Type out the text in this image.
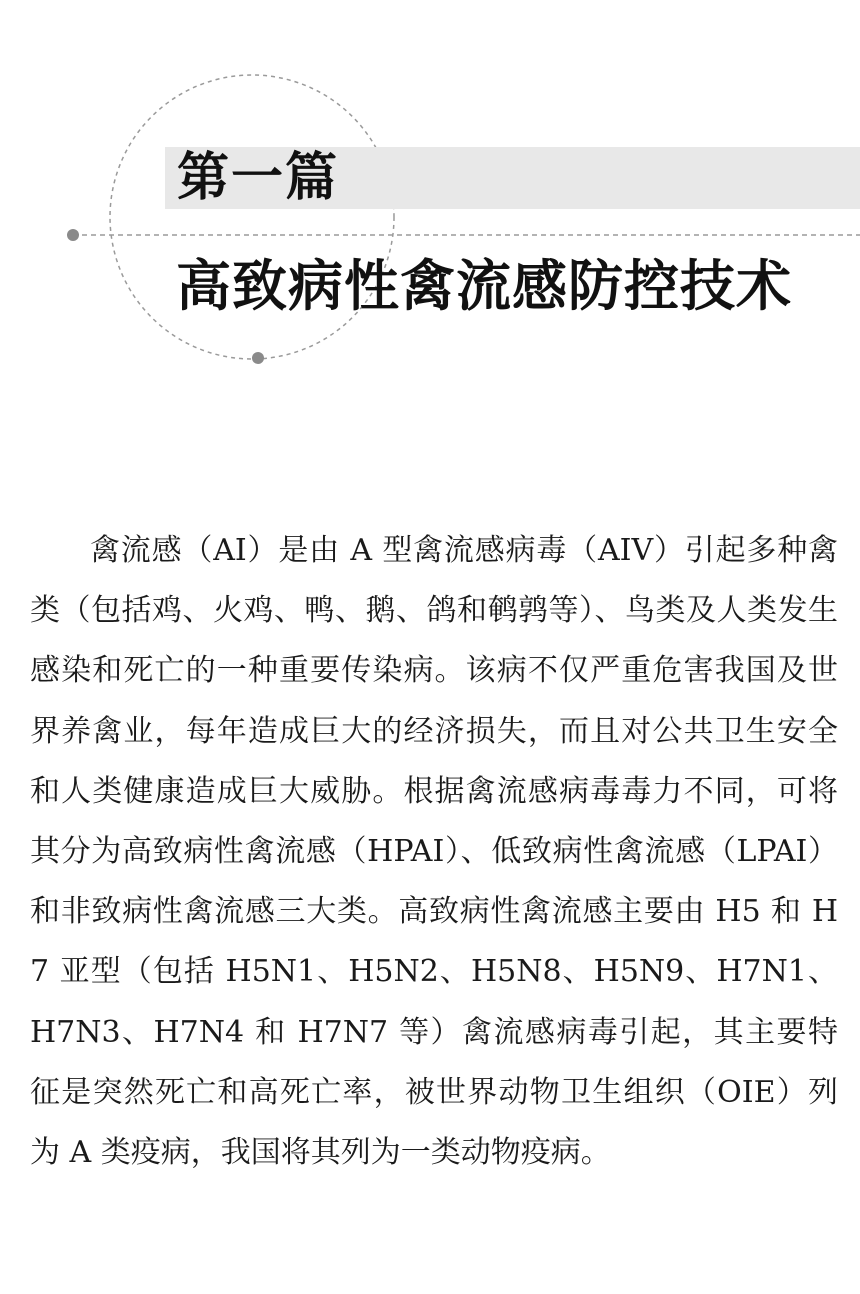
第一篇
高致病性禽流感防控技术

禽流感（AI）是由 A 型禽流感病毒（AIV）引起多种禽类（包括鸡、火鸡、鸭、鹅、鸽和鹌鹑等）、鸟类及人类发生感染和死亡的一种重要传染病。该病不仅严重危害我国及世界养禽业，每年造成巨大的经济损失，而且对公共卫生安全和人类健康造成巨大威胁。根据禽流感病毒毒力不同，可将其分为高致病性禽流感（HPAI）、低致病性禽流感（LPAI）和非致病性禽流感三大类。高致病性禽流感主要由 H5 和 H7 亚型（包括 H5N1、H5N2、H5N8、H5N9、H7N1、H7N3、H7N4 和 H7N7 等）禽流感病毒引起，其主要特征是突然死亡和高死亡率，被世界动物卫生组织（OIE）列为 A 类疫病，我国将其列为一类动物疫病。
